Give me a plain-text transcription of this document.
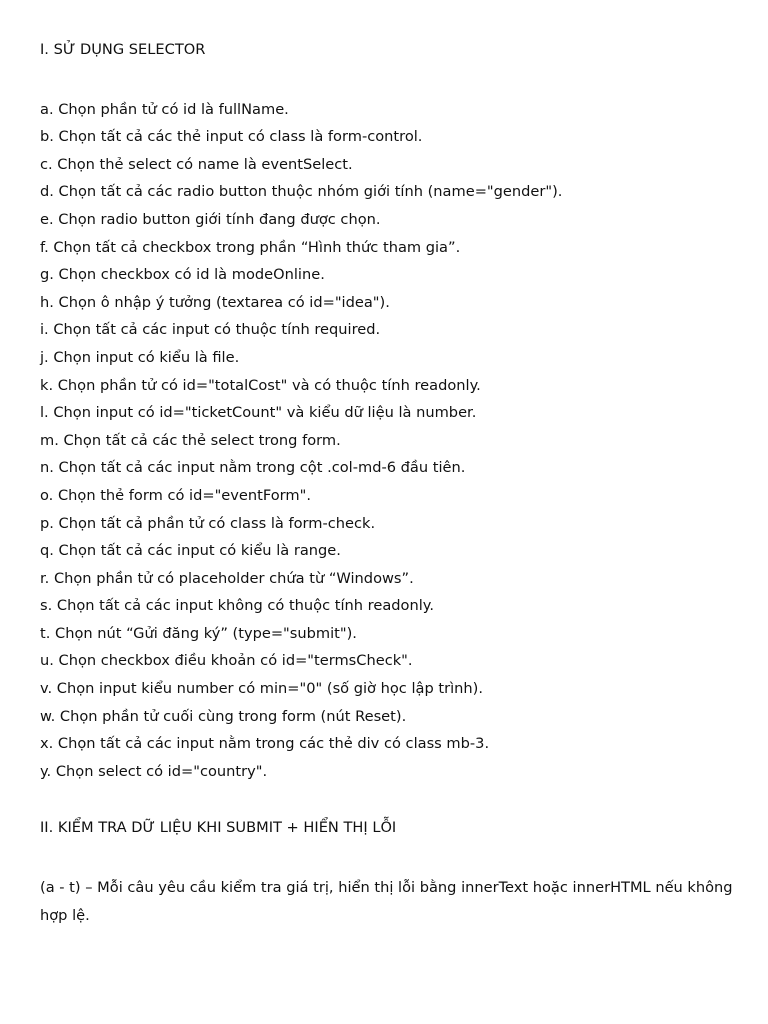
I. SỬ DỤNG SELECTOR
a. Chọn phần tử có id là fullName.
b. Chọn tất cả các thẻ input có class là form-control.
c. Chọn thẻ select có name là eventSelect.
d. Chọn tất cả các radio button thuộc nhóm giới tính (name="gender").
e. Chọn radio button giới tính đang được chọn.
f. Chọn tất cả checkbox trong phần “Hình thức tham gia”.
g. Chọn checkbox có id là modeOnline.
h. Chọn ô nhập ý tưởng (textarea có id="idea").
i. Chọn tất cả các input có thuộc tính required.
j. Chọn input có kiểu là file.
k. Chọn phần tử có id="totalCost" và có thuộc tính readonly.
l. Chọn input có id="ticketCount" và kiểu dữ liệu là number.
m. Chọn tất cả các thẻ select trong form.
n. Chọn tất cả các input nằm trong cột .col-md-6 đầu tiên.
o. Chọn thẻ form có id="eventForm".
p. Chọn tất cả phần tử có class là form-check.
q. Chọn tất cả các input có kiểu là range.
r. Chọn phần tử có placeholder chứa từ “Windows”.
s. Chọn tất cả các input không có thuộc tính readonly.
t. Chọn nút “Gửi đăng ký” (type="submit").
u. Chọn checkbox điều khoản có id="termsCheck".
v. Chọn input kiểu number có min="0" (số giờ học lập trình).
w. Chọn phần tử cuối cùng trong form (nút Reset).
x. Chọn tất cả các input nằm trong các thẻ div có class mb-3.
y. Chọn select có id="country".
II. KIỂM TRA DỮ LIỆU KHI SUBMIT + HIỂN THỊ LỖI

(a - t) – Mỗi câu yêu cầu kiểm tra giá trị, hiển thị lỗi bằng innerText hoặc innerHTML nếu không hợp lệ.
